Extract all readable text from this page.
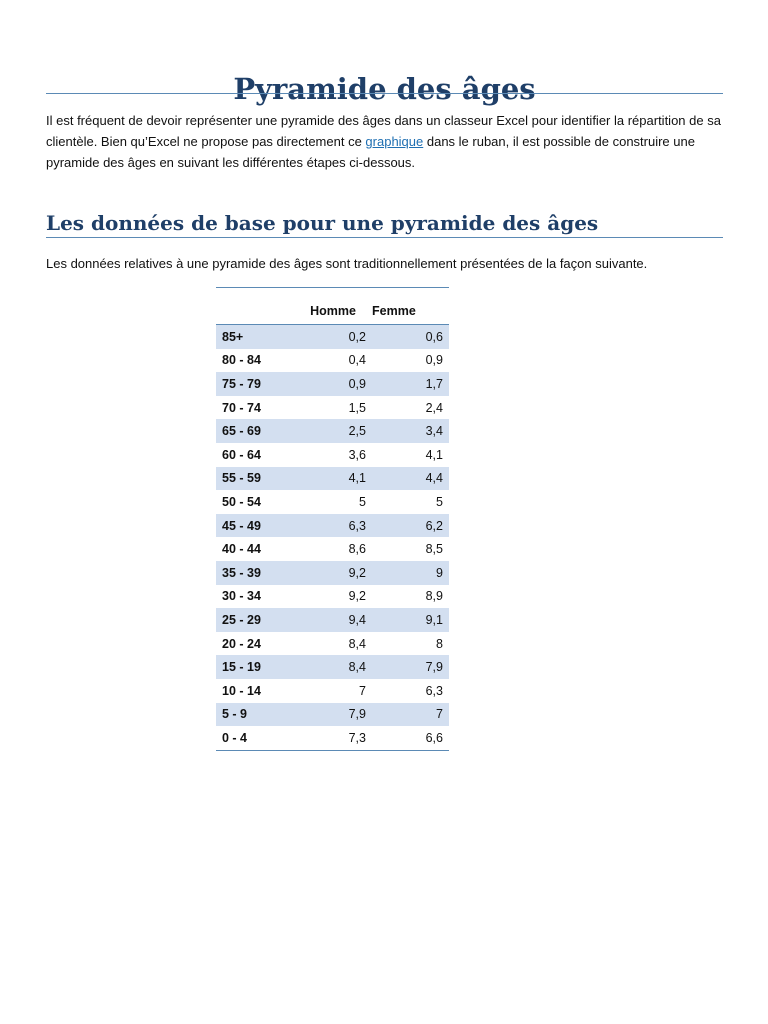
Pyramide des âges

Il est fréquent de devoir représenter une pyramide des âges dans un classeur Excel pour identifier la répartition de sa clientèle. Bien qu’Excel ne propose pas directement ce graphique dans le ruban, il est possible de construire une pyramide des âges en suivant les différentes étapes ci-dessous.

Les données de base pour une pyramide des âges

Les données relatives à une pyramide des âges sont traditionnellement présentées de la façon suivante.

	Homme	Femme
85+	0,2	0,6
80 - 84	0,4	0,9
75 - 79	0,9	1,7
70 - 74	1,5	2,4
65 - 69	2,5	3,4
60 - 64	3,6	4,1
55 - 59	4,1	4,4
50 - 54	5	5
45 - 49	6,3	6,2
40 - 44	8,6	8,5
35 - 39	9,2	9
30 - 34	9,2	8,9
25 - 29	9,4	9,1
20 - 24	8,4	8
15 - 19	8,4	7,9
10 - 14	7	6,3
5 - 9	7,9	7
0 - 4	7,3	6,6
